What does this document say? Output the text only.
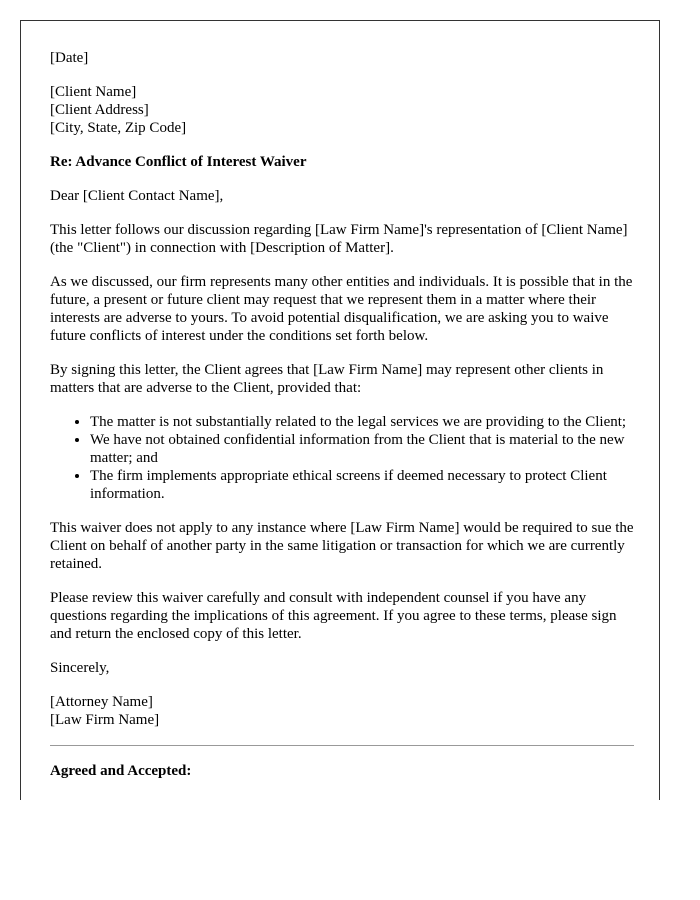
[Date]

[Client Name]
[Client Address]
[City, State, Zip Code]

Re: Advance Conflict of Interest Waiver

Dear [Client Contact Name],

This letter follows our discussion regarding [Law Firm Name]'s representation of [Client Name] (the "Client") in connection with [Description of Matter].

As we discussed, our firm represents many other entities and individuals. It is possible that in the future, a present or future client may request that we represent them in a matter where their interests are adverse to yours. To avoid potential disqualification, we are asking you to waive future conflicts of interest under the conditions set forth below.

By signing this letter, the Client agrees that [Law Firm Name] may represent other clients in matters that are adverse to the Client, provided that:

• The matter is not substantially related to the legal services we are providing to the Client;
• We have not obtained confidential information from the Client that is material to the new matter; and
• The firm implements appropriate ethical screens if deemed necessary to protect Client information.

This waiver does not apply to any instance where [Law Firm Name] would be required to sue the Client on behalf of another party in the same litigation or transaction for which we are currently retained.

Please review this waiver carefully and consult with independent counsel if you have any questions regarding the implications of this agreement. If you agree to these terms, please sign and return the enclosed copy of this letter.

Sincerely,

[Attorney Name]
[Law Firm Name]

Agreed and Accepted:
